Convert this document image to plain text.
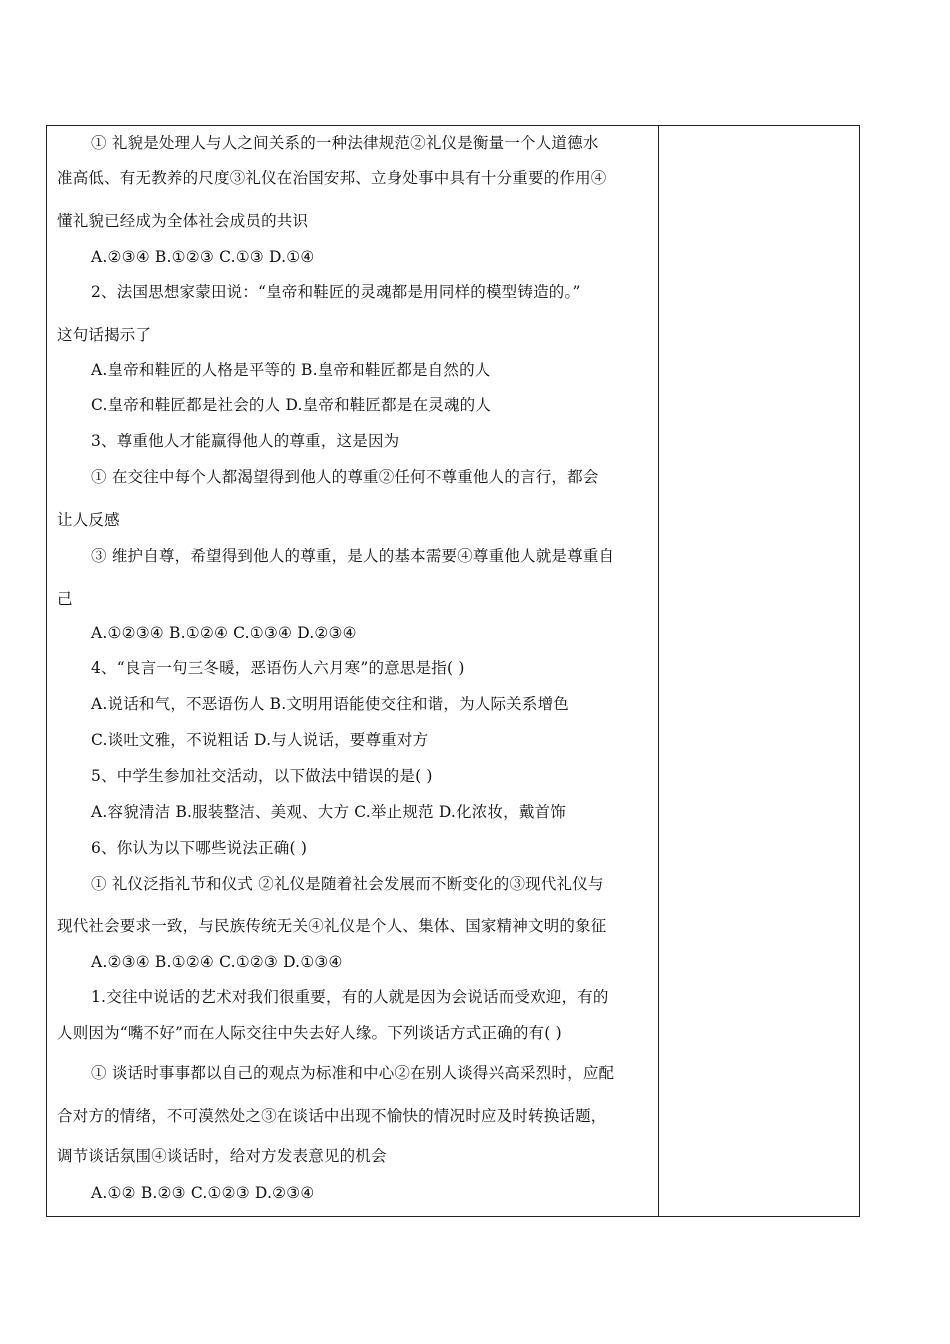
① 礼貌是处理人与人之间关系的一种法律规范②礼仪是衡量一个人道德水
准高低、有无教养的尺度③礼仪在治国安邦、立身处事中具有十分重要的作用④
懂礼貌已经成为全体社会成员的共识
A.②③④ B.①②③ C.①③ D.①④
2、法国思想家蒙田说：“皇帝和鞋匠的灵魂都是用同样的模型铸造的。”
这句话揭示了
A.皇帝和鞋匠的人格是平等的 B.皇帝和鞋匠都是自然的人
C.皇帝和鞋匠都是社会的人 D.皇帝和鞋匠都是在灵魂的人
3、尊重他人才能赢得他人的尊重，这是因为
① 在交往中每个人都渴望得到他人的尊重②任何不尊重他人的言行，都会
让人反感
③ 维护自尊，希望得到他人的尊重，是人的基本需要④尊重他人就是尊重自
己
A.①②③④ B.①②④ C.①③④ D.②③④
4、“良言一句三冬暖，恶语伤人六月寒”的意思是指( )
A.说话和气，不恶语伤人 B.文明用语能使交往和谐，为人际关系增色
C.谈吐文雅，不说粗话 D.与人说话，要尊重对方
5、中学生参加社交活动，以下做法中错误的是( )
A.容貌清洁 B.服装整洁、美观、大方 C.举止规范 D.化浓妆，戴首饰
6、你认为以下哪些说法正确( )
① 礼仪泛指礼节和仪式 ②礼仪是随着社会发展而不断变化的③现代礼仪与
现代社会要求一致，与民族传统无关④礼仪是个人、集体、国家精神文明的象征
A.②③④ B.①②④ C.①②③ D.①③④
1.交往中说话的艺术对我们很重要，有的人就是因为会说话而受欢迎，有的
人则因为“嘴不好”而在人际交往中失去好人缘。下列谈话方式正确的有( )
① 谈话时事事都以自己的观点为标准和中心②在别人谈得兴高采烈时，应配
合对方的情绪，不可漠然处之③在谈话中出现不愉快的情况时应及时转换话题，
调节谈话氛围④谈话时，给对方发表意见的机会
A.①② B.②③ C.①②③ D.②③④
